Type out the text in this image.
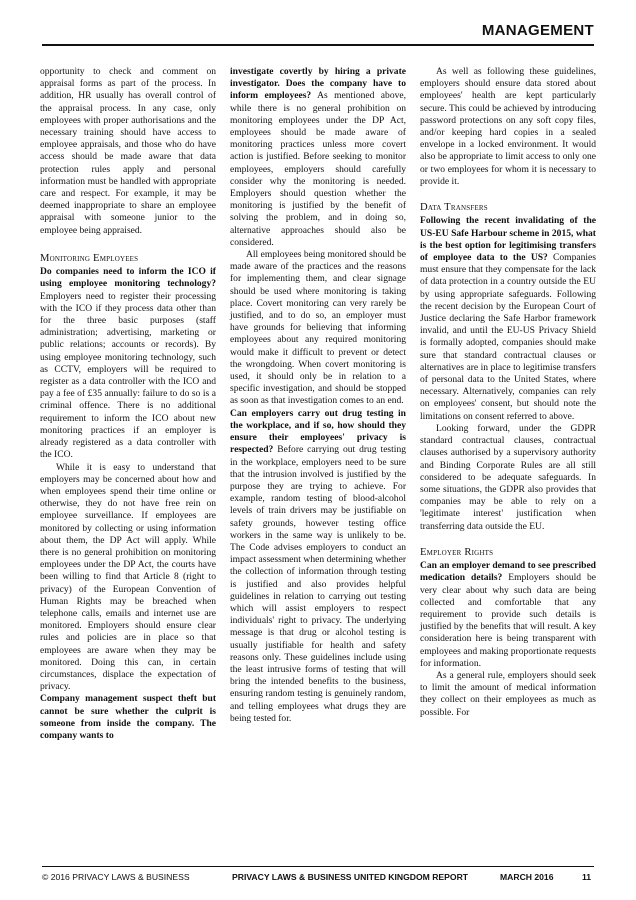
MANAGEMENT

opportunity to check and comment on appraisal forms as part of the process. In addition, HR usually has overall control of the appraisal process. In any case, only employees with proper authorisations and the necessary training should have access to employee appraisals, and those who do have access should be made aware that data protection rules apply and personal information must be handled with appropriate care and respect. For example, it may be deemed inappropriate to share an employee appraisal with someone junior to the employee being appraised.

Monitoring Employees

Do companies need to inform the ICO if using employee monitoring technology? Employers need to register their processing with the ICO if they process data other than for the three basic purposes (staff administration; advertising, marketing or public relations; accounts or records). By using employee monitoring technology, such as CCTV, employers will be required to register as a data controller with the ICO and pay a fee of £35 annually: failure to do so is a criminal offence. There is no additional requirement to inform the ICO about new monitoring practices if an employer is already registered as a data controller with the ICO.

While it is easy to understand that employers may be concerned about how and when employees spend their time online or otherwise, they do not have free rein on employee surveillance. If employees are monitored by collecting or using information about them, the DP Act will apply. While there is no general prohibition on monitoring employees under the DP Act, the courts have been willing to find that Article 8 (right to privacy) of the European Convention of Human Rights may be breached when telephone calls, emails and internet use are monitored. Employers should ensure clear rules and policies are in place so that employees are aware when they may be monitored. Doing this can, in certain circumstances, displace the expectation of privacy.

Company management suspect theft but cannot be sure whether the culprit is someone from inside the company. The company wants to

investigate covertly by hiring a private investigator. Does the company have to inform employees? As mentioned above, while there is no general prohibition on monitoring employees under the DP Act, employees should be made aware of monitoring practices unless more covert action is justified. Before seeking to monitor employees, employers should carefully consider why the monitoring is needed. Employers should question whether the monitoring is justified by the benefit of solving the problem, and in doing so, alternative approaches should also be considered.

All employees being monitored should be made aware of the practices and the reasons for implementing them, and clear signage should be used where monitoring is taking place. Covert monitoring can very rarely be justified, and to do so, an employer must have grounds for believing that informing employees about any required monitoring would make it difficult to prevent or detect the wrongdoing. When covert monitoring is used, it should only be in relation to a specific investigation, and should be stopped as soon as that investigation comes to an end.

Can employers carry out drug testing in the workplace, and if so, how should they ensure their employees' privacy is respected? Before carrying out drug testing in the workplace, employers need to be sure that the intrusion involved is justified by the purpose they are trying to achieve. For example, random testing of blood-alcohol levels of train drivers may be justifiable on safety grounds, however testing office workers in the same way is unlikely to be. The Code advises employers to conduct an impact assessment when determining whether the collection of information through testing is justified and also provides helpful guidelines in relation to carrying out testing which will assist employers to respect individuals' right to privacy. The underlying message is that drug or alcohol testing is usually justifiable for health and safety reasons only. These guidelines include using the least intrusive forms of testing that will bring the intended benefits to the business, ensuring random testing is genuinely random, and telling employees what drugs they are being tested for.

As well as following these guidelines, employers should ensure data stored about employees' health are kept particularly secure. This could be achieved by introducing password protections on any soft copy files, and/or keeping hard copies in a sealed envelope in a locked environment. It would also be appropriate to limit access to only one or two employees for whom it is necessary to provide it.

Data Transfers

Following the recent invalidating of the US-EU Safe Harbour scheme in 2015, what is the best option for legitimising transfers of employee data to the US? Companies must ensure that they compensate for the lack of data protection in a country outside the EU by using appropriate safeguards. Following the recent decision by the European Court of Justice declaring the Safe Harbor framework invalid, and until the EU-US Privacy Shield is formally adopted, companies should make sure that standard contractual clauses or alternatives are in place to legitimise transfers of personal data to the United States, where necessary. Alternatively, companies can rely on employees' consent, but should note the limitations on consent referred to above.

Looking forward, under the GDPR standard contractual clauses, contractual clauses authorised by a supervisory authority and Binding Corporate Rules are all still considered to be adequate safeguards. In some situations, the GDPR also provides that companies may be able to rely on a 'legitimate interest' justification when transferring data outside the EU.

Employer Rights

Can an employer demand to see prescribed medication details? Employers should be very clear about why such data are being collected and comfortable that any requirement to provide such details is justified by the benefits that will result. A key consideration here is being transparent with employees and making proportionate requests for information.

As a general rule, employers should seek to limit the amount of medical information they collect on their employees as much as possible. For

© 2016 PRIVACY LAWS & BUSINESS	PRIVACY LAWS & BUSINESS UNITED KINGDOM REPORT	MARCH 2016	11
